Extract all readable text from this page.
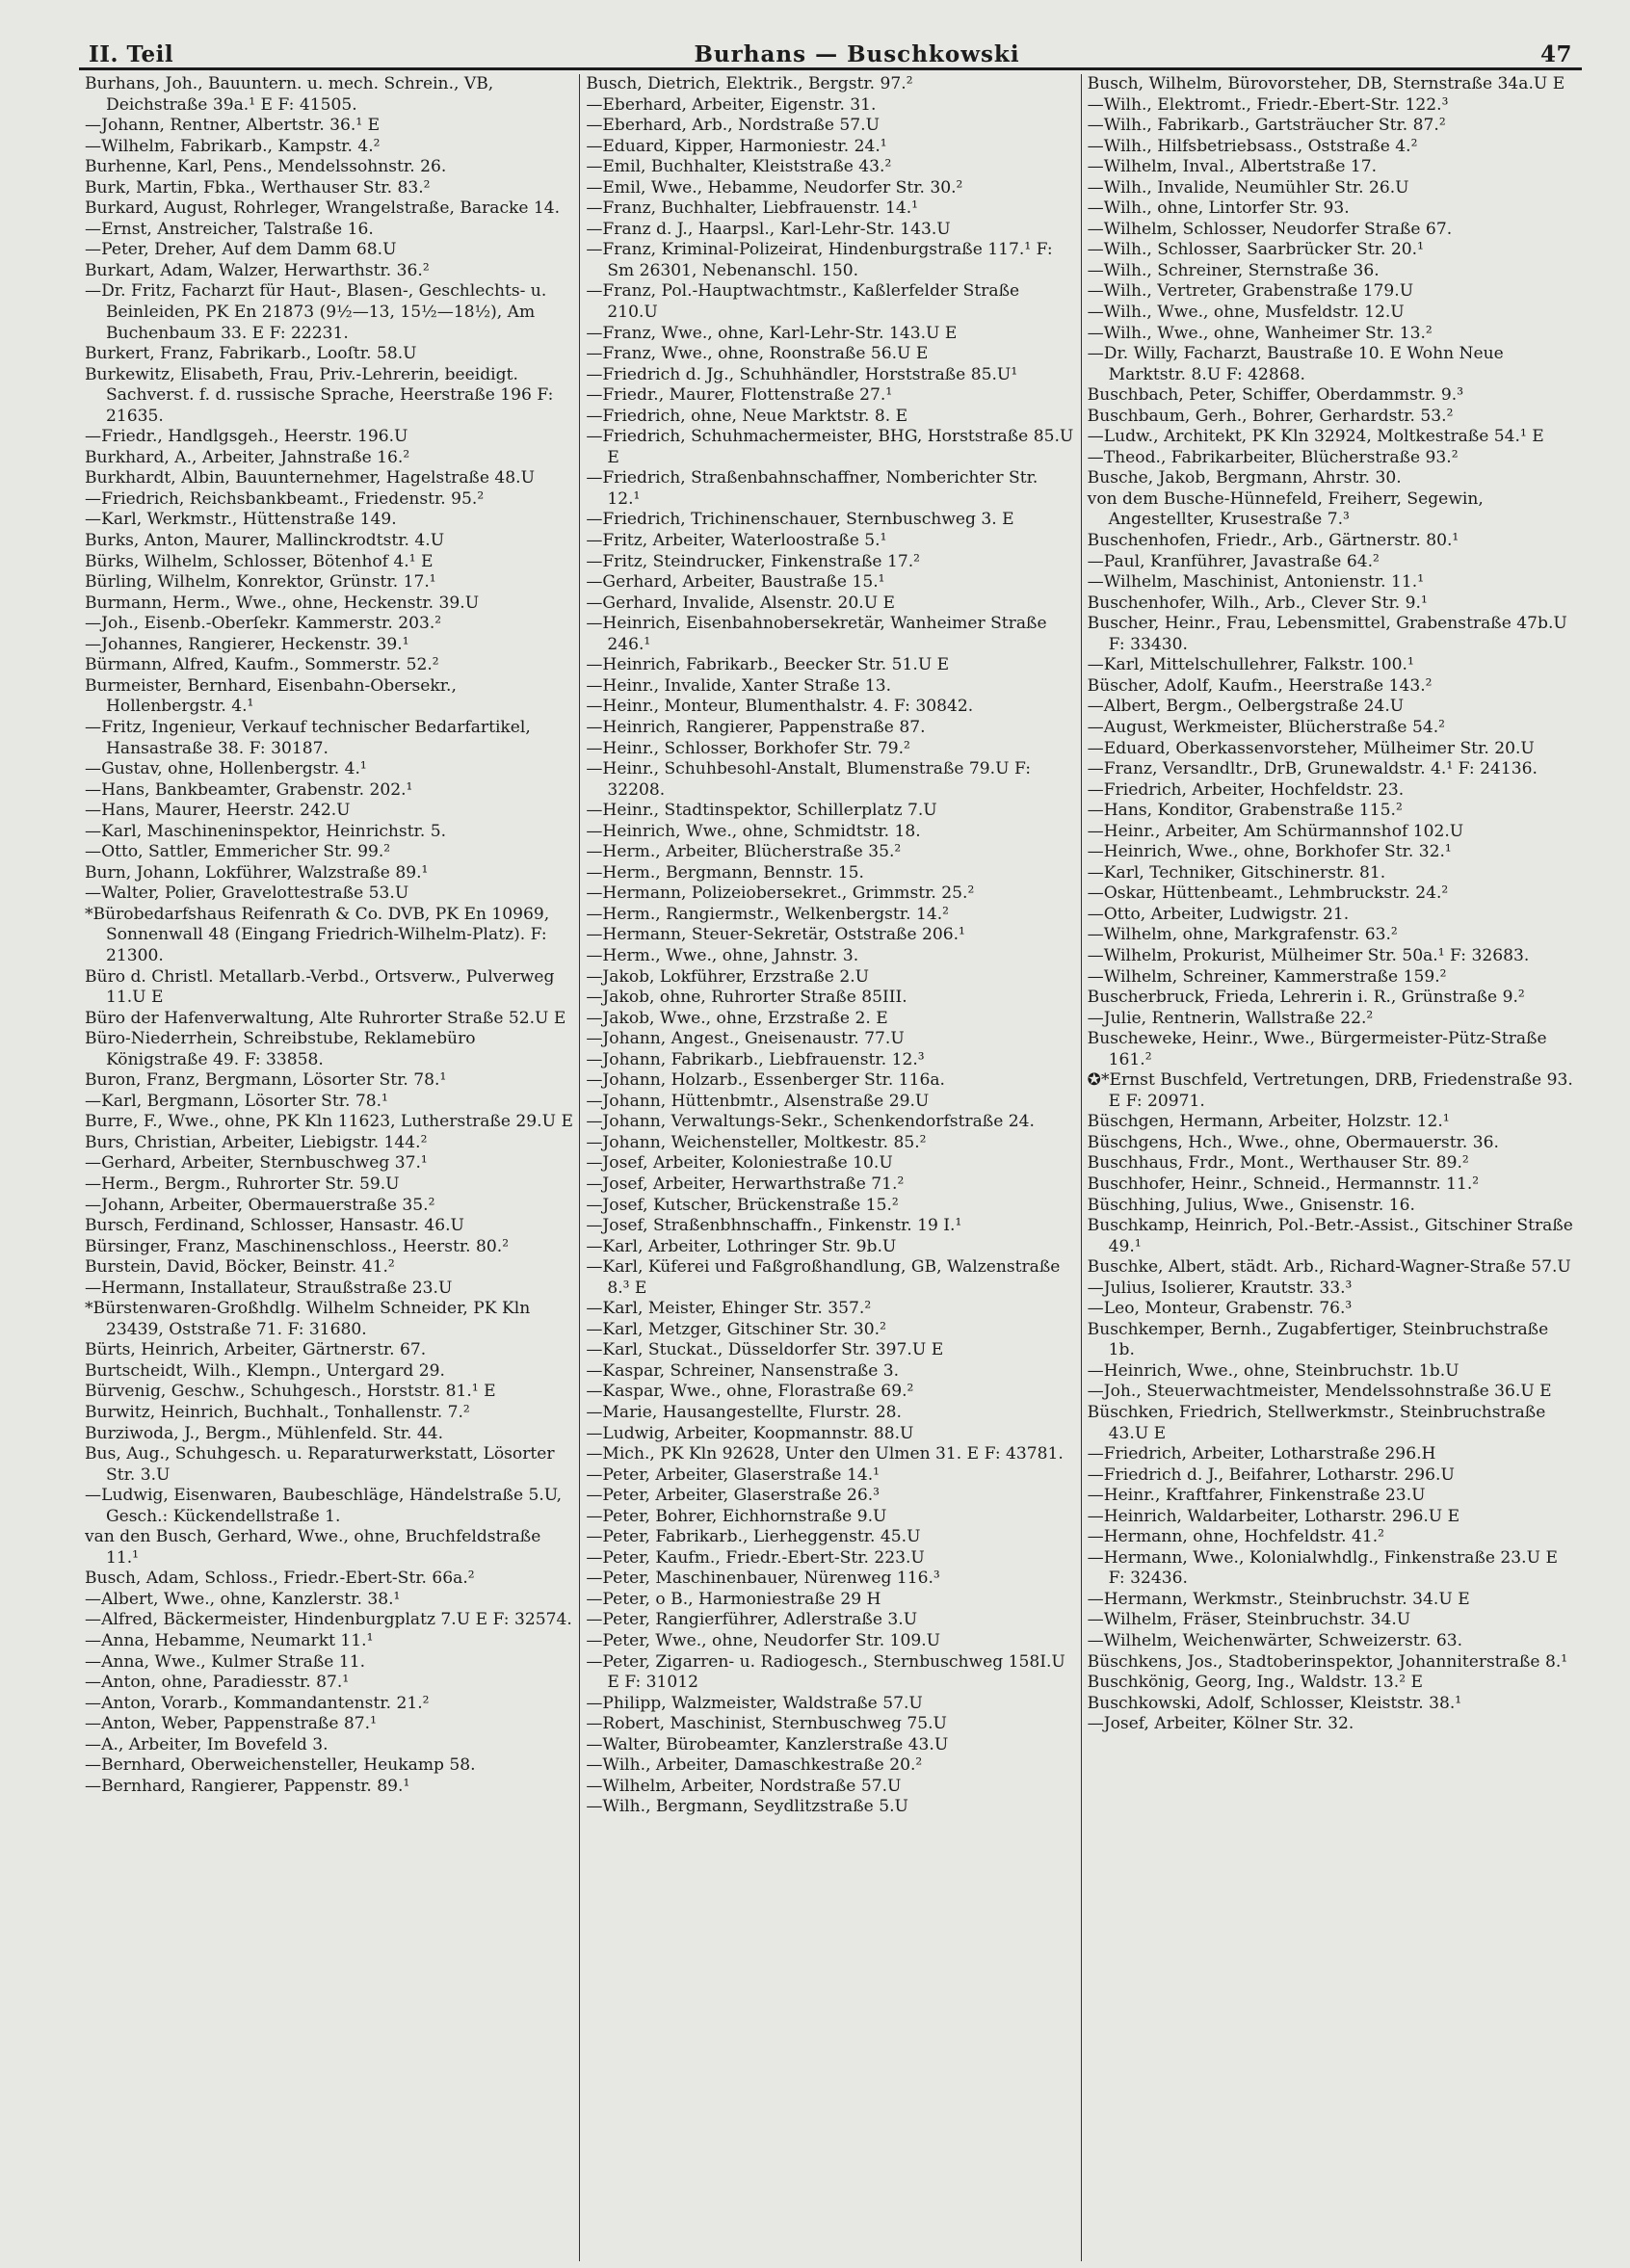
II. Teil	Burhans — Buschkowski	47
Burhans, Joh., Bauuntern. u. mech. Schrein., VB, Deichstraße 39a.¹ E F: 41505.
—Johann, Rentner, Albertstr. 36.¹ E
—Wilhelm, Fabrikarb., Kampstr. 4.²
Burhenne, Karl, Pens., Mendelssohnstr. 26.
Burk, Martin, Fbka., Werthauser Str. 83.²
Burkard, August, Rohrleger, Wrangelstraße, Baracke 14.
—Ernst, Anstreicher, Talstraße 16.
—Peter, Dreher, Auf dem Damm 68.U
Burkart, Adam, Walzer, Herwarthstr. 36.²
—Dr. Fritz, Facharzt für Haut-, Blasen-, Geschlechts- u. Beinleiden, PK En 21873 (9½—13, 15½—18½), Am Buchenbaum 33. E F: 22231.
Burkert, Franz, Fabrikarb., Looſtr. 58.U
Burkewitz, Elisabeth, Frau, Priv.-Lehrerin, beeidigt. Sachverst. f. d. russische Sprache, Heerstraße 196 F: 21635.
—Friedr., Handlgsgeh., Heerstr. 196.U
Burkhard, A., Arbeiter, Jahnstraße 16.²
Burkhardt, Albin, Bauunternehmer, Hagelstraße 48.U
—Friedrich, Reichsbankbeamt., Friedenstr. 95.²
—Karl, Werkmstr., Hüttenstraße 149.
Burks, Anton, Maurer, Mallinckrodtstr. 4.U
Bürks, Wilhelm, Schlosser, Bötenhof 4.¹ E
Bürling, Wilhelm, Konrektor, Grünstr. 17.¹
Burmann, Herm., Wwe., ohne, Heckenstr. 39.U
—Joh., Eisenb.-Oberſekr. Kammerstr. 203.²
—Johannes, Rangierer, Heckenstr. 39.¹
Bürmann, Alfred, Kaufm., Sommerstr. 52.²
Burmeister, Bernhard, Eisenbahn-Obersekr., Hollenbergstr. 4.¹
—Fritz, Ingenieur, Verkauf technischer Bedarfartikel, Hansastraße 38. F: 30187.
—Gustav, ohne, Hollenbergstr. 4.¹
—Hans, Bankbeamter, Grabenstr. 202.¹
—Hans, Maurer, Heerstr. 242.U
—Karl, Maschineninspektor, Heinrichstr. 5.
—Otto, Sattler, Emmericher Str. 99.²
Burn, Johann, Lokführer, Walzstraße 89.¹
—Walter, Polier, Gravelottestraße 53.U
*Bürobedarfshaus Reifenrath & Co. DVB, PK En 10969, Sonnenwall 48 (Eingang Friedrich-Wilhelm-Platz). F: 21300.
Büro d. Christl. Metallarb.-Verbd., Ortsverw., Pulverweg 11.U E
Büro der Hafenverwaltung, Alte Ruhrorter Straße 52.U E
Büro-Niederrhein, Schreibstube, Reklamebüro Königstraße 49. F: 33858.
Buron, Franz, Bergmann, Lösorter Str. 78.¹
—Karl, Bergmann, Lösorter Str. 78.¹
Burre, F., Wwe., ohne, PK Kln 11623, Lutherstraße 29.U E
Burs, Christian, Arbeiter, Liebigstr. 144.²
—Gerhard, Arbeiter, Sternbuschweg 37.¹
—Herm., Bergm., Ruhrorter Str. 59.U
—Johann, Arbeiter, Obermauerstraße 35.²
Bursch, Ferdinand, Schlosser, Hansastr. 46.U
Bürsinger, Franz, Maschinenschloss., Heerstr. 80.²
Burstein, David, Böcker, Beinstr. 41.²
—Hermann, Installateur, Straußstraße 23.U
*Bürstenwaren-Großhdlg. Wilhelm Schneider, PK Kln 23439, Oststraße 71. F: 31680.
Bürts, Heinrich, Arbeiter, Gärtnerstr. 67.
Burtscheidt, Wilh., Klempn., Untergard 29.
Bürvenig, Geschw., Schuhgesch., Horststr. 81.¹ E
Burwitz, Heinrich, Buchhalt., Tonhallenstr. 7.²
Burziwoda, J., Bergm., Mühlenfeld. Str. 44.
Bus, Aug., Schuhgesch. u. Reparaturwerkstatt, Lösorter Str. 3.U
—Ludwig, Eisenwaren, Baubeschläge, Händelstraße 5.U, Gesch.: Kückendellstraße 1.
van den Busch, Gerhard, Wwe., ohne, Bruchfeldstraße 11.¹
Busch, Adam, Schloss., Friedr.-Ebert-Str. 66a.²
—Albert, Wwe., ohne, Kanzlerstr. 38.¹
—Alfred, Bäckermeister, Hindenburgplatz 7.U E F: 32574.
—Anna, Hebamme, Neumarkt 11.¹
—Anna, Wwe., Kulmer Straße 11.
—Anton, ohne, Paradiesstr. 87.¹
—Anton, Vorarb., Kommandantenstr. 21.²
—Anton, Weber, Pappenstraße 87.¹
—A., Arbeiter, Im Bovefeld 3.
—Bernhard, Oberweichensteller, Heukamp 58.
—Bernhard, Rangierer, Pappenstr. 89.¹
Busch, Dietrich, Elektrik., Bergstr. 97.²
—Eberhard, Arbeiter, Eigenstr. 31.
—Eberhard, Arb., Nordstraße 57.U
—Eduard, Kipper, Harmoniestr. 24.¹
—Emil, Buchhalter, Kleiststraße 43.²
—Emil, Wwe., Hebamme, Neudorfer Str. 30.²
—Franz, Buchhalter, Liebfrauenstr. 14.¹
—Franz d. J., Haarpsl., Karl-Lehr-Str. 143.U
—Franz, Kriminal-Polizeirat, Hindenburgstraße 117.¹ F: Sm 26301, Nebenanschl. 150.
—Franz, Pol.-Hauptwachtmstr., Kaßlerfelder Straße 210.U
—Franz, Wwe., ohne, Karl-Lehr-Str. 143.U E
—Franz, Wwe., ohne, Roonstraße 56.U E
—Friedrich d. Jg., Schuhhändler, Horststraße 85.U¹
—Friedr., Maurer, Flottenstraße 27.¹
—Friedrich, ohne, Neue Marktstr. 8. E
—Friedrich, Schuhmachermeister, BHG, Horststraße 85.U E
—Friedrich, Straßenbahnschaffner, Nomberichter Str. 12.¹
—Friedrich, Trichinenschauer, Sternbuschweg 3. E
—Fritz, Arbeiter, Waterloostraße 5.¹
—Fritz, Steindrucker, Finkenstraße 17.²
—Gerhard, Arbeiter, Baustraße 15.¹
—Gerhard, Invalide, Alsenstr. 20.U E
—Heinrich, Eisenbahnobersekretär, Wanheimer Straße 246.¹
—Heinrich, Fabrikarb., Beecker Str. 51.U E
—Heinr., Invalide, Xanter Straße 13.
—Heinr., Monteur, Blumenthalstr. 4. F: 30842.
—Heinrich, Rangierer, Pappenstraße 87.
—Heinr., Schlosser, Borkhofer Str. 79.²
—Heinr., Schuhbesohl-Anstalt, Blumenstraße 79.U F: 32208.
—Heinr., Stadtinspektor, Schillerplatz 7.U
—Heinrich, Wwe., ohne, Schmidtstr. 18.
—Herm., Arbeiter, Blücherstraße 35.²
—Herm., Bergmann, Bennstr. 15.
—Hermann, Polizeiobersekret., Grimmstr. 25.²
—Herm., Rangiermstr., Welkenbergstr. 14.²
—Hermann, Steuer-Sekretär, Oststraße 206.¹
—Herm., Wwe., ohne, Jahnstr. 3.
—Jakob, Lokführer, Erzstraße 2.U
—Jakob, ohne, Ruhrorter Straße 85III.
—Jakob, Wwe., ohne, Erzstraße 2. E
—Johann, Angest., Gneisenaustr. 77.U
—Johann, Fabrikarb., Liebfrauenstr. 12.³
—Johann, Holzarb., Essenberger Str. 116a.
—Johann, Hüttenbmtr., Alsenstraße 29.U
—Johann, Verwaltungs-Sekr., Schenkendorfstraße 24.
—Johann, Weichensteller, Moltkestr. 85.²
—Josef, Arbeiter, Koloniestraße 10.U
—Josef, Arbeiter, Herwarthstraße 71.²
—Josef, Kutscher, Brückenstraße 15.²
—Josef, Straßenbhnschaffn., Finkenstr. 19 I.¹
—Karl, Arbeiter, Lothringer Str. 9b.U
—Karl, Küferei und Faßgroßhandlung, GB, Walzenstraße 8.³ E
—Karl, Meister, Ehinger Str. 357.²
—Karl, Metzger, Gitschiner Str. 30.²
—Karl, Stuckat., Düsseldorfer Str. 397.U E
—Kaspar, Schreiner, Nansenstraße 3.
—Kaspar, Wwe., ohne, Florastraße 69.²
—Marie, Hausangestellte, Flurstr. 28.
—Ludwig, Arbeiter, Koopmannstr. 88.U
—Mich., PK Kln 92628, Unter den Ulmen 31. E F: 43781.
—Peter, Arbeiter, Glaserstraße 14.¹
—Peter, Arbeiter, Glaserstraße 26.³
—Peter, Bohrer, Eichhornstraße 9.U
—Peter, Fabrikarb., Lierheggenstr. 45.U
—Peter, Kaufm., Friedr.-Ebert-Str. 223.U
—Peter, Maschinenbauer, Nürenweg 116.³
—Peter, o B., Harmoniestraße 29 H
—Peter, Rangierführer, Adlerstraße 3.U
—Peter, Wwe., ohne, Neudorfer Str. 109.U
—Peter, Zigarren- u. Radiogesch., Sternbuschweg 158I.U E F: 31012
—Philipp, Walzmeister, Waldstraße 57.U
—Robert, Maschinist, Sternbuschweg 75.U
—Walter, Bürobeamter, Kanzlerstraße 43.U
—Wilh., Arbeiter, Damaschkestraße 20.²
—Wilhelm, Arbeiter, Nordstraße 57.U
—Wilh., Bergmann, Seydlitzstraße 5.U
Busch, Wilhelm, Bürovorsteher, DB, Sternstraße 34a.U E
—Wilh., Elektromt., Friedr.-Ebert-Str. 122.³
—Wilh., Fabrikarb., Gartsträucher Str. 87.²
—Wilh., Hilfsbetriebsass., Oststraße 4.²
—Wilhelm, Inval., Albertstraße 17.
—Wilh., Invalide, Neumühler Str. 26.U
—Wilh., ohne, Lintorfer Str. 93.
—Wilhelm, Schlosser, Neudorfer Straße 67.
—Wilh., Schlosser, Saarbrücker Str. 20.¹
—Wilh., Schreiner, Sternstraße 36.
—Wilh., Vertreter, Grabenstraße 179.U
—Wilh., Wwe., ohne, Musfeldstr. 12.U
—Wilh., Wwe., ohne, Wanheimer Str. 13.²
—Dr. Willy, Facharzt, Baustraße 10. E Wohn Neue Marktstr. 8.U F: 42868.
Buschbach, Peter, Schiffer, Oberdammstr. 9.³
Buschbaum, Gerh., Bohrer, Gerhardstr. 53.²
—Ludw., Architekt, PK Kln 32924, Moltkestraße 54.¹ E
—Theod., Fabrikarbeiter, Blücherstraße 93.²
Busche, Jakob, Bergmann, Ahrstr. 30.
von dem Busche-Hünnefeld, Freiherr, Segewin, Angestellter, Krusestraße 7.³
Buschenhofen, Friedr., Arb., Gärtnerstr. 80.¹
—Paul, Kranführer, Javastraße 64.²
—Wilhelm, Maschinist, Antonienstr. 11.¹
Buschenhofer, Wilh., Arb., Clever Str. 9.¹
Buscher, Heinr., Frau, Lebensmittel, Grabenstraße 47b.U F: 33430.
—Karl, Mittelschullehrer, Falkstr. 100.¹
Büscher, Adolf, Kaufm., Heerstraße 143.²
—Albert, Bergm., Oelbergstraße 24.U
—August, Werkmeister, Blücherstraße 54.²
—Eduard, Oberkassenvorsteher, Mülheimer Str. 20.U
—Franz, Versandltr., DrB, Grunewaldstr. 4.¹ F: 24136.
—Friedrich, Arbeiter, Hochfeldstr. 23.
—Hans, Konditor, Grabenstraße 115.²
—Heinr., Arbeiter, Am Schürmannshof 102.U
—Heinrich, Wwe., ohne, Borkhofer Str. 32.¹
—Karl, Techniker, Gitschinerstr. 81.
—Oskar, Hüttenbeamt., Lehmbruckstr. 24.²
—Otto, Arbeiter, Ludwigstr. 21.
—Wilhelm, ohne, Markgrafenstr. 63.²
—Wilhelm, Prokurist, Mülheimer Str. 50a.¹ F: 32683.
—Wilhelm, Schreiner, Kammerstraße 159.²
Buscherbruck, Frieda, Lehrerin i. R., Grünstraße 9.²
—Julie, Rentnerin, Wallstraße 22.²
Buscheweke, Heinr., Wwe., Bürgermeister-Pütz-Straße 161.²
✪*Ernst Buschfeld, Vertretungen, DRB, Friedenstraße 93. E F: 20971.
Büschgen, Hermann, Arbeiter, Holzstr. 12.¹
Büschgens, Hch., Wwe., ohne, Obermauerstr. 36.
Buschhaus, Frdr., Mont., Werthauser Str. 89.²
Buschhofer, Heinr., Schneid., Hermannstr. 11.²
Büschhing, Julius, Wwe., Gnisenstr. 16.
Buschkamp, Heinrich, Pol.-Betr.-Assist., Gitschiner Straße 49.¹
Buschke, Albert, städt. Arb., Richard-Wagner-Straße 57.U
—Julius, Isolierer, Krautstr. 33.³
—Leo, Monteur, Grabenstr. 76.³
Buschkemper, Bernh., Zugabfertiger, Steinbruchstraße 1b.
—Heinrich, Wwe., ohne, Steinbruchstr. 1b.U
—Joh., Steuerwachtmeister, Mendelssohnstraße 36.U E
Büschken, Friedrich, Stellwerkmstr., Steinbruchstraße 43.U E
—Friedrich, Arbeiter, Lotharstraße 296.H
—Friedrich d. J., Beifahrer, Lotharstr. 296.U
—Heinr., Kraftfahrer, Finkenstraße 23.U
—Heinrich, Waldarbeiter, Lotharstr. 296.U E
—Hermann, ohne, Hochfeldstr. 41.²
—Hermann, Wwe., Kolonialwhdlg., Finkenstraße 23.U E F: 32436.
—Hermann, Werkmstr., Steinbruchstr. 34.U E
—Wilhelm, Fräser, Steinbruchstr. 34.U
—Wilhelm, Weichenwärter, Schweizerstr. 63.
Büschkens, Jos., Stadtoberinspektor, Johanniterstraße 8.¹
Buschkönig, Georg, Ing., Waldstr. 13.² E
Buschkowski, Adolf, Schlosser, Kleiststr. 38.¹
—Josef, Arbeiter, Kölner Str. 32.
